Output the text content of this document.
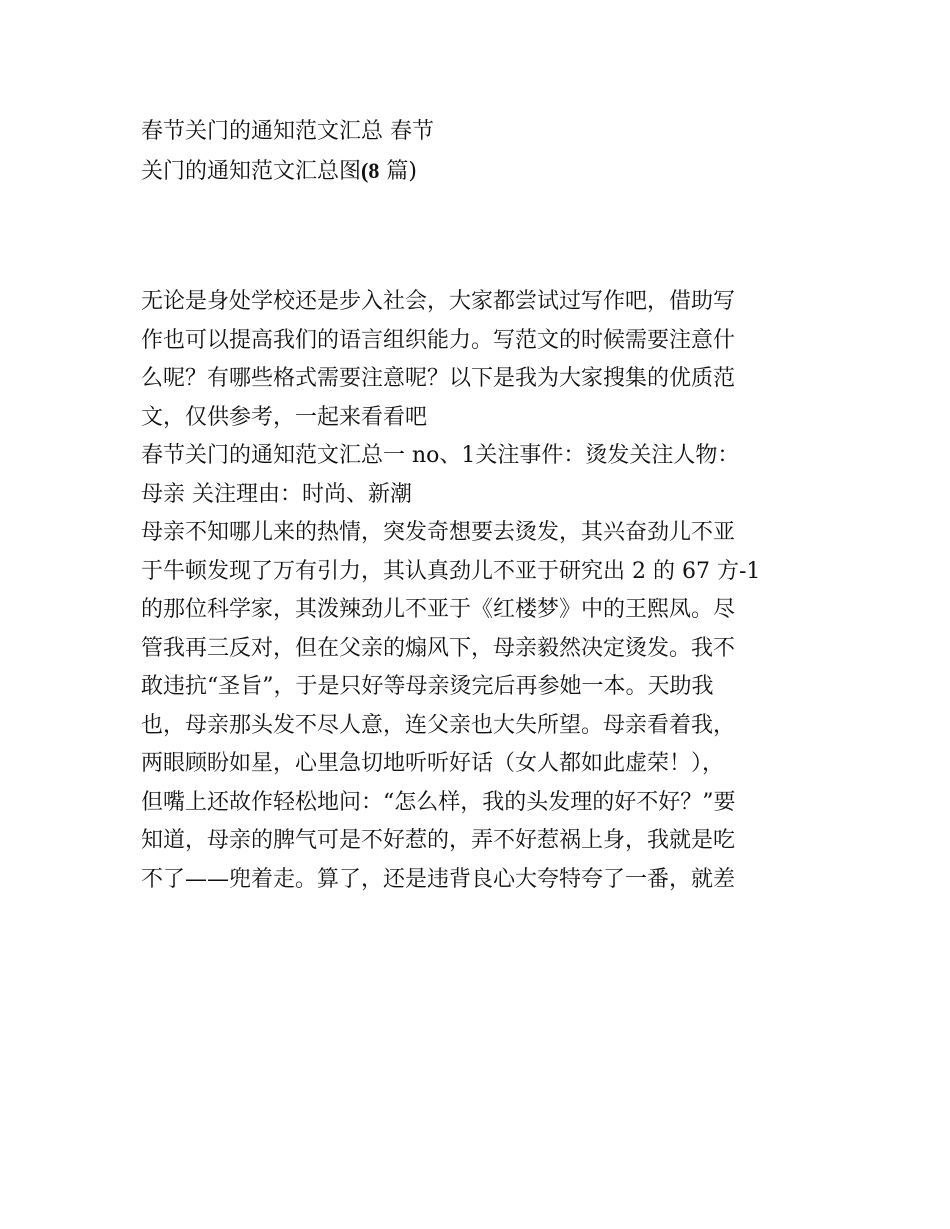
春节关门的通知范文汇总 春节
关门的通知范文汇总图(8 篇)
无论是身处学校还是步入社会，大家都尝试过写作吧，借助写
作也可以提高我们的语言组织能力。写范文的时候需要注意什
么呢？有哪些格式需要注意呢？以下是我为大家搜集的优质范
文，仅供参考，一起来看看吧
春节关门的通知范文汇总一 no、1关注事件：烫发关注人物：
母亲 关注理由：时尚、新潮
母亲不知哪儿来的热情，突发奇想要去烫发，其兴奋劲儿不亚
于牛顿发现了万有引力，其认真劲儿不亚于研究出 2 的 67 方-1
的那位科学家，其泼辣劲儿不亚于《红楼梦》中的王熙凤。尽
管我再三反对，但在父亲的煽风下，母亲毅然决定烫发。我不
敢违抗“圣旨”，于是只好等母亲烫完后再参她一本。天助我
也，母亲那头发不尽人意，连父亲也大失所望。母亲看着我，
两眼顾盼如星，心里急切地听听好话（女人都如此虚荣！），
但嘴上还故作轻松地问：“怎么样，我的头发理的好不好？”要
知道，母亲的脾气可是不好惹的，弄不好惹祸上身，我就是吃
不了——兜着走。算了，还是违背良心大夸特夸了一番，就差
